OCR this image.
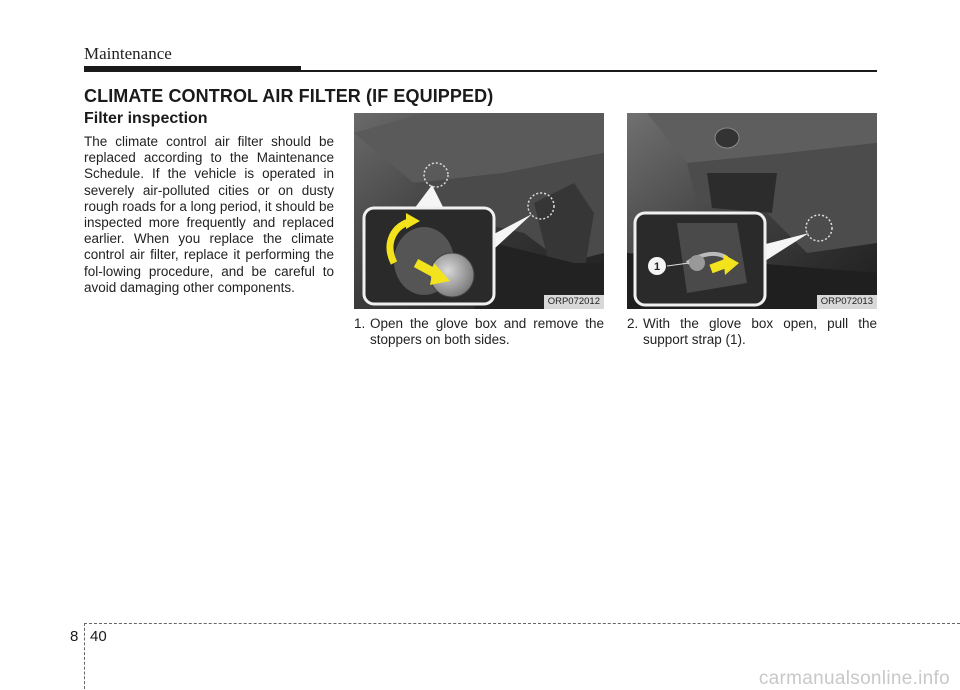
Maintenance
CLIMATE CONTROL AIR FILTER (IF EQUIPPED)
Filter inspection
The climate control air filter should be replaced according to the Maintenance Schedule. If the vehicle is operated in severely air-polluted cities or on dusty rough roads for a long period, it should be inspected more frequently and replaced earlier. When you replace the climate control air filter, replace it performing the fol-lowing procedure, and be careful to avoid damaging other components.
ORP072012
1
ORP072013
1. Open the glove box and remove the stoppers on both sides.
2. With the glove box open, pull the support strap (1).
8 40
carmanualsonline.info
